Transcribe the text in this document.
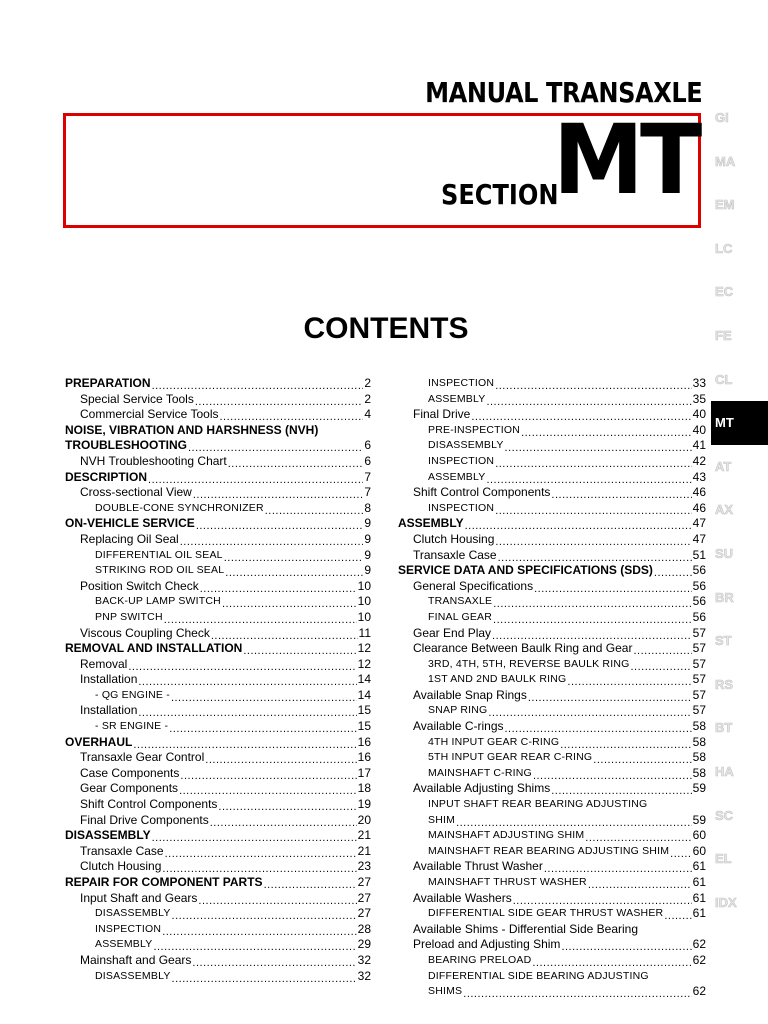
MANUAL TRANSAXLE
SECTION
MT
CONTENTS
GI
MA
EM
LC
EC
FE
CL
MT
AT
AX
SU
BR
ST
RS
BT
HA
SC
EL
IDX
PREPARATION .....	2
Special Service Tools .....	2
Commercial Service Tools .....	4
NOISE, VIBRATION AND HARSHNESS (NVH)
TROUBLESHOOTING .....	6
NVH Troubleshooting Chart .....	6
DESCRIPTION .....	7
Cross-sectional View .....	7
DOUBLE-CONE SYNCHRONIZER .....	8
ON-VEHICLE SERVICE .....	9
Replacing Oil Seal .....	9
DIFFERENTIAL OIL SEAL .....	9
STRIKING ROD OIL SEAL .....	9
Position Switch Check .....	10
BACK-UP LAMP SWITCH .....	10
PNP SWITCH .....	10
Viscous Coupling Check .....	11
REMOVAL AND INSTALLATION .....	12
Removal .....	12
Installation .....	14
- QG ENGINE - .....	14
Installation .....	15
- SR ENGINE - .....	15
OVERHAUL .....	16
Transaxle Gear Control .....	16
Case Components .....	17
Gear Components .....	18
Shift Control Components .....	19
Final Drive Components .....	20
DISASSEMBLY .....	21
Transaxle Case .....	21
Clutch Housing .....	23
REPAIR FOR COMPONENT PARTS .....	27
Input Shaft and Gears .....	27
DISASSEMBLY .....	27
INSPECTION .....	28
ASSEMBLY .....	29
Mainshaft and Gears .....	32
DISASSEMBLY .....	32
INSPECTION .....	33
ASSEMBLY .....	35
Final Drive .....	40
PRE-INSPECTION .....	40
DISASSEMBLY .....	41
INSPECTION .....	42
ASSEMBLY .....	43
Shift Control Components .....	46
INSPECTION .....	46
ASSEMBLY .....	47
Clutch Housing .....	47
Transaxle Case .....	51
SERVICE DATA AND SPECIFICATIONS (SDS) .....	56
General Specifications .....	56
TRANSAXLE .....	56
FINAL GEAR .....	56
Gear End Play .....	57
Clearance Between Baulk Ring and Gear .....	57
3RD, 4TH, 5TH, REVERSE BAULK RING .....	57
1ST AND 2ND BAULK RING .....	57
Available Snap Rings .....	57
SNAP RING .....	57
Available C-rings .....	58
4TH INPUT GEAR C-RING .....	58
5TH INPUT GEAR REAR C-RING .....	58
MAINSHAFT C-RING .....	58
Available Adjusting Shims .....	59
INPUT SHAFT REAR BEARING ADJUSTING
SHIM .....	59
MAINSHAFT ADJUSTING SHIM .....	60
MAINSHAFT REAR BEARING ADJUSTING SHIM ..... 60
Available Thrust Washer .....	61
MAINSHAFT THRUST WASHER .....	61
Available Washers .....	61
DIFFERENTIAL SIDE GEAR THRUST WASHER ..... 61
Available Shims - Differential Side Bearing
Preload and Adjusting Shim .....	62
BEARING PRELOAD .....	62
DIFFERENTIAL SIDE BEARING ADJUSTING
SHIMS .....	62
